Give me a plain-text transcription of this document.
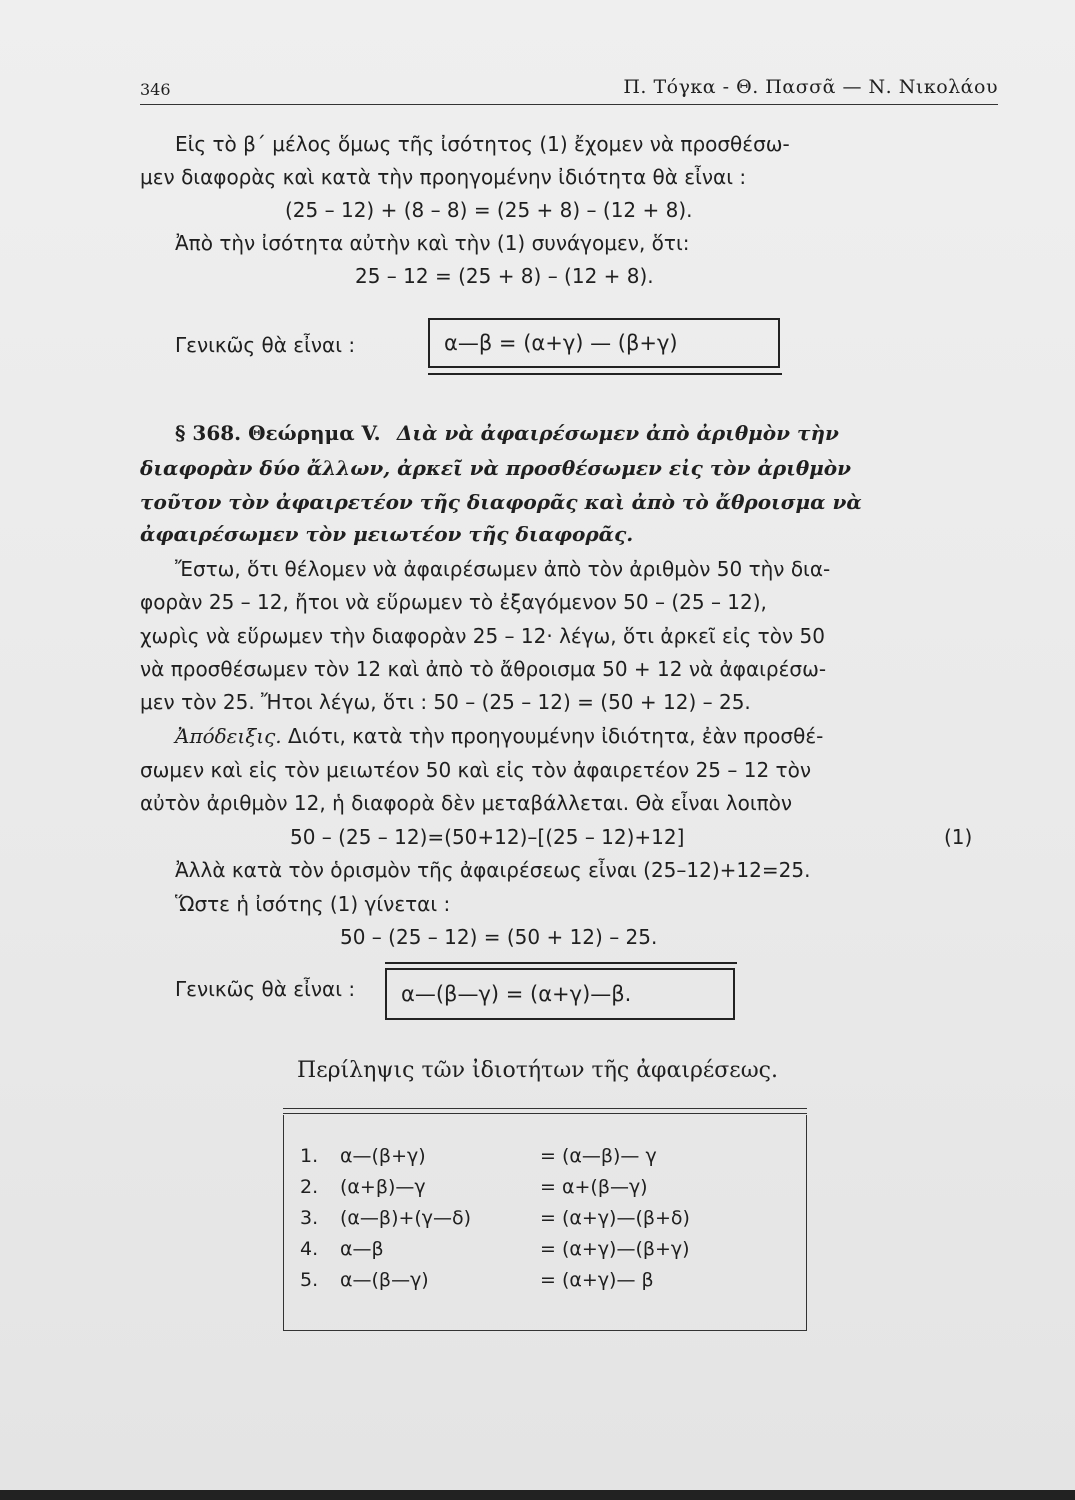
346	Π. Τόγκα - Θ. Πασσᾶ — Ν. Νικολάου
Εἰς τὸ β΄ μέλος ὅμως τῆς ἰσότητος (1) ἔχομεν νὰ προσθέσω-
μεν διαφορὰς καὶ κατὰ τὴν προηγομένην ἰδιότητα θὰ εἶναι :
(25 – 12) + (8 – 8) = (25 + 8) – (12 + 8).
Ἀπὸ τὴν ἰσότητα αὐτὴν καὶ τὴν (1) συνάγομεν, ὅτι:
25 – 12 = (25 + 8) – (12 + 8).
Γενικῶς θὰ εἶναι :	α—β = (α+γ) — (β+γ)
§ 368. Θεώρημα V. Διὰ νὰ ἀφαιρέσωμεν ἀπὸ ἀριθμὸν τὴν
διαφορὰν δύο ἄλλων, ἀρκεῖ νὰ προσθέσωμεν εἰς τὸν ἀριθμὸν
τοῦτον τὸν ἀφαιρετέον τῆς διαφορᾶς καὶ ἀπὸ τὸ ἄθροισμα νὰ
ἀφαιρέσωμεν τὸν μειωτέον τῆς διαφορᾶς.
Ἔστω, ὅτι θέλομεν νὰ ἀφαιρέσωμεν ἀπὸ τὸν ἀριθμὸν 50 τὴν δια-
φορὰν 25 – 12, ἤτοι νὰ εὕρωμεν τὸ ἐξαγόμενον 50 – (25 – 12),
χωρὶς νὰ εὕρωμεν τὴν διαφορὰν 25 – 12· λέγω, ὅτι ἀρκεῖ εἰς τὸν 50
νὰ προσθέσωμεν τὸν 12 καὶ ἀπὸ τὸ ἄθροισμα 50 + 12 νὰ ἀφαιρέσω-
μεν τὸν 25. Ἤτοι λέγω, ὅτι : 50 – (25 – 12) = (50 + 12) – 25.
Ἀπόδειξις. Διότι, κατὰ τὴν προηγουμένην ἰδιότητα, ἐὰν προσθέ-
σωμεν καὶ εἰς τὸν μειωτέον 50 καὶ εἰς τὸν ἀφαιρετέον 25 – 12 τὸν
αὐτὸν ἀριθμὸν 12, ἡ διαφορὰ δὲν μεταβάλλεται. Θὰ εἶναι λοιπὸν
50 – (25 – 12)=(50+12)–[(25 – 12)+12]	(1)
Ἀλλὰ κατὰ τὸν ὁρισμὸν τῆς ἀφαιρέσεως εἶναι (25–12)+12=25.
Ὥστε ἡ ἰσότης (1) γίνεται :
50 – (25 – 12) = (50 + 12) – 25.
Γενικῶς θὰ εἶναι : α—(β—γ) = (α+γ)—β.
Περίληψις τῶν ἰδιοτήτων τῆς ἀφαιρέσεως.
1. α—(β+γ)	= (α—β)— γ
2. (α+β)—γ	= α+(β—γ)
3. (α—β)+(γ—δ)	= (α+γ)—(β+δ)
4. α—β	= (α+γ)—(β+γ)
5. α—(β—γ)	= (α+γ)— β
